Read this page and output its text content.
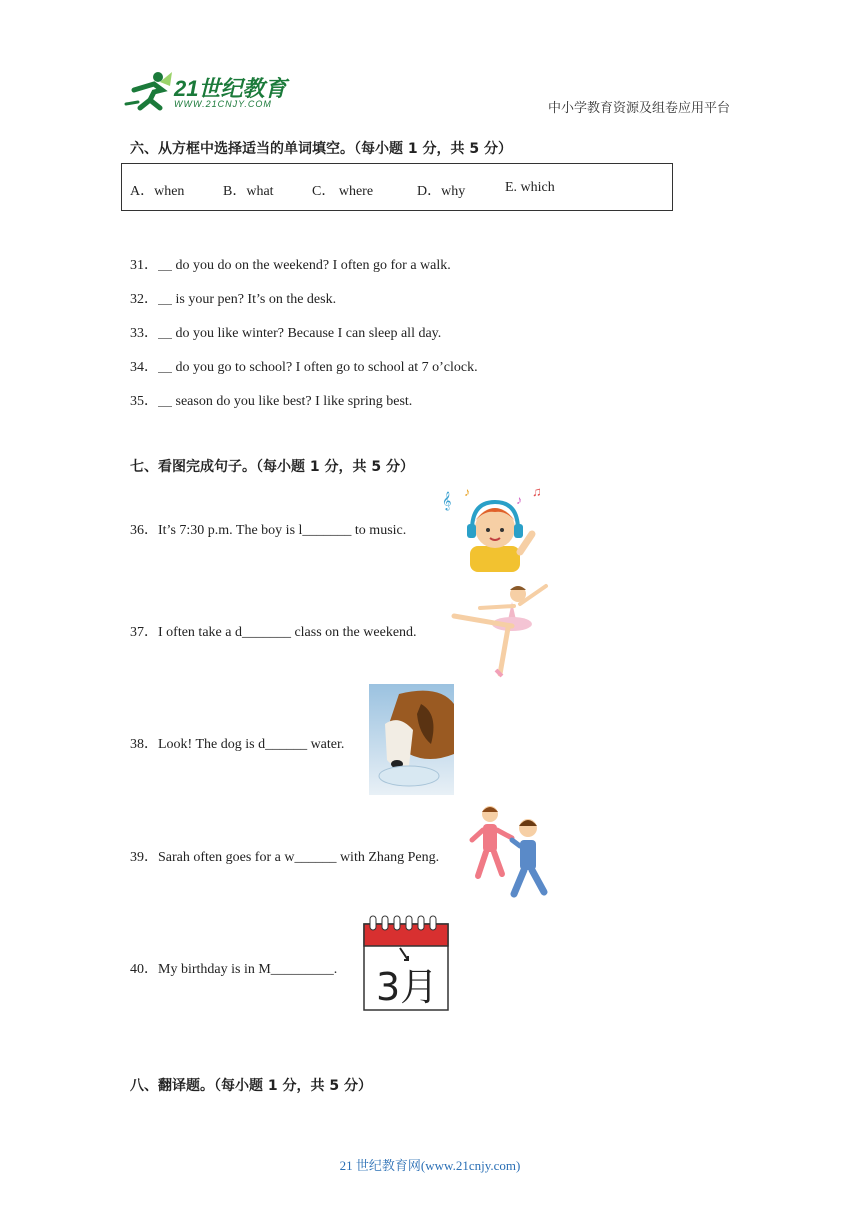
21世纪教育
WWW.21CNJY.COM	中小学教育资源及组卷应用平台
六、从方框中选择适当的单词填空。（每小题 1 分，共 5 分）
A．when	B．what	C． where	D．why	E. which
31．＿ do you do on the weekend? I often go for a walk.
32．＿ is your pen? It’s on the desk.
33．＿ do you like winter? Because I can sleep all day.
34．＿ do you go to school? I often go to school at 7 o’clock.
35．＿ season do you like best? I like spring best.
七、看图完成句子。（每小题 1 分，共 5 分）
36．It’s 7:30 p.m. The boy is l_______ to music.
𝄞
♪
♪
♫
37．I often take a d_______ class on the weekend.
38．Look! The dog is d______ water.
39．Sarah often goes for a w______ with Zhang Peng.
40．My birthday is in M_________. 3月
八、翻译题。（每小题 1 分，共 5 分）
21 世纪教育网(www.21cnjy.com)
